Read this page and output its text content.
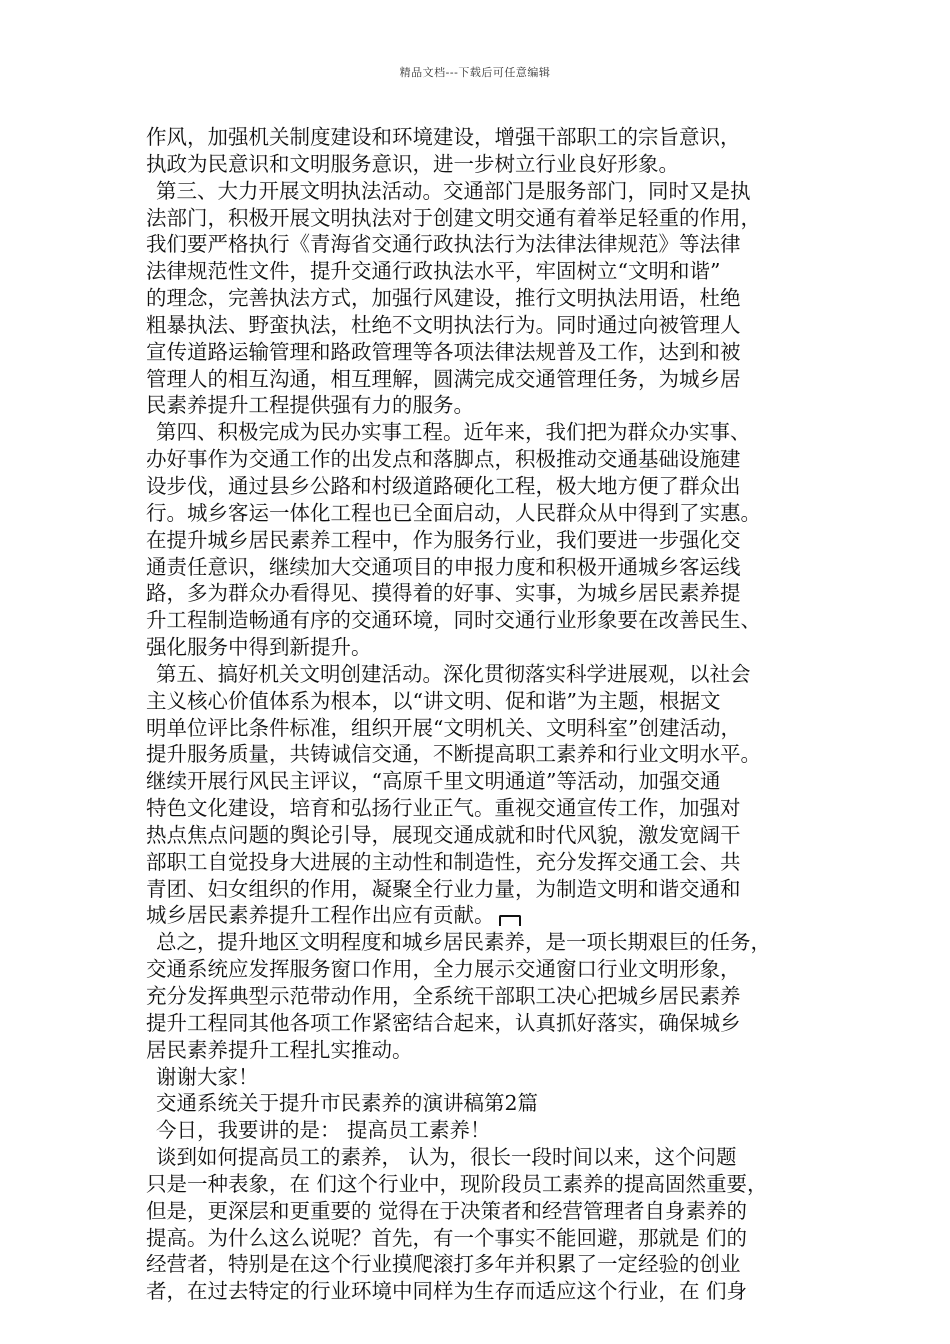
精品文档---下载后可任意编辑
作风，加强机关制度建设和环境建设，增强干部职工的宗旨意识，
执政为民意识和文明服务意识，进一步树立行业良好形象。
第三、大力开展文明执法活动。交通部门是服务部门，同时又是执
法部门，积极开展文明执法对于创建文明交通有着举足轻重的作用，
我们要严格执行《青海省交通行政执法行为法律法律规范》等法律
法律规范性文件，提升交通行政执法水平，牢固树立“文明和谐”
的理念，完善执法方式，加强行风建设，推行文明执法用语，杜绝
粗暴执法、野蛮执法，杜绝不文明执法行为。同时通过向被管理人
宣传道路运输管理和路政管理等各项法律法规普及工作，达到和被
管理人的相互沟通，相互理解，圆满完成交通管理任务，为城乡居
民素养提升工程提供强有力的服务。
第四、积极完成为民办实事工程。近年来，我们把为群众办实事、
办好事作为交通工作的出发点和落脚点，积极推动交通基础设施建
设步伐，通过县乡公路和村级道路硬化工程，极大地方便了群众出
行。城乡客运一体化工程也已全面启动，人民群众从中得到了实惠。
在提升城乡居民素养工程中，作为服务行业，我们要进一步强化交
通责任意识，继续加大交通项目的申报力度和积极开通城乡客运线
路，多为群众办看得见、摸得着的好事、实事，为城乡居民素养提
升工程制造畅通有序的交通环境，同时交通行业形象要在改善民生、
强化服务中得到新提升。
第五、搞好机关文明创建活动。深化贯彻落实科学进展观，以社会
主义核心价值体系为根本，以“讲文明、促和谐”为主题，根据文
明单位评比条件标准，组织开展“文明机关、文明科室”创建活动，
提升服务质量，共铸诚信交通，不断提高职工素养和行业文明水平。
继续开展行风民主评议，“高原千里文明通道”等活动，加强交通
特色文化建设，培育和弘扬行业正气。重视交通宣传工作，加强对
热点焦点问题的舆论引导，展现交通成就和时代风貌，激发宽阔干
部职工自觉投身大进展的主动性和制造性，充分发挥交通工会、共
青团、妇女组织的作用，凝聚全行业力量，为制造文明和谐交通和
城乡居民素养提升工程作出应有贡献。
总之，提升地区文明程度和城乡居民素养，是一项长期艰巨的任务，
交通系统应发挥服务窗口作用，全力展示交通窗口行业文明形象，
充分发挥典型示范带动作用，全系统干部职工决心把城乡居民素养
提升工程同其他各项工作紧密结合起来，认真抓好落实，确保城乡
居民素养提升工程扎实推动。
谢谢大家！
交通系统关于提升市民素养的演讲稿第2篇
今日，我要讲的是： 提高员工素养！
谈到如何提高员工的素养， 认为，很长一段时间以来，这个问题
只是一种表象，在 们这个行业中，现阶段员工素养的提高固然重要，
但是，更深层和更重要的 觉得在于决策者和经营管理者自身素养的
提高。为什么这么说呢？首先，有一个事实不能回避，那就是 们的
经营者，特别是在这个行业摸爬滚打多年并积累了一定经验的创业
者，在过去特定的行业环境中同样为生存而适应这个行业，在 们身
